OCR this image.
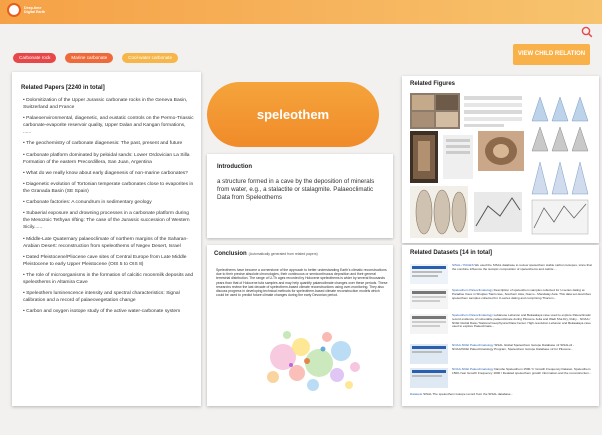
Deep-time Digital Earth
Carbonate rock	Marine carbonate	Cool-water carbonate
VIEW CHILD RELATION
Related Papers [2240 in total]
• Dolomitization of the Upper Jurassic carbonate rocks in the Geneva Basin, Switzerland and France
• Palaeoenvironmental, diagenetic, and eustatic controls on the Permo-Triassic carbonate-evaporite reservoir quality, Upper Dalan and Kangan formations, ......
• The geochemistry of carbonate diagenesis: The past, present and future
• Carbonate platform dominated by peloidal sands: Lower Ordovician La Silla Formation of the eastern Precordillera, San Juan, Argentina
• What do we really know about early diagenesis of non-marine carbonates?
• Diagenetic evolution of Tortonian temperate carbonates close to evaporites in the Granada Basin (SE Spain)
• Carbonate factories: A conundrum in sedimentary geology
• Subaerial exposure and drowning processes in a carbonate platform during the Mesozoic Tethyan rifting: The case of the Jurassic succession of Western Sicily......
• Middle-Late Quaternary palaeoclimate of northern margins of the Saharan-Arabian Desert: reconstruction from speleothems of Negev Desert, Israel
• Dated Pleistocene/Pliocene cave sites of Central Europe from Late Middle Pleistocene to early Upper Pleistocene (OIS 5 to OIS 8)
• The role of microorganisms in the formation of calcitic moonmilk deposits and speleothems in Altamira Cave
• Speleothem luminescence intensity and spectral characteristics: Signal calibration and a record of palaeovegetation change
• Carbon and oxygen isotope study of the active water-carbonate system
speleothem
Introduction
a structure formed in a cave by the deposition of minerals from water, e.g., a stalactite or stalagmite. Palaeoclimatic Data from Speleothems
Conclusion (Automatically generated from related papers)
Speleothems have become a cornerstone of the approach to better understanding Earth's climatic reconstructions due to their precise absolute chronologies, their continuous or semicontinuous deposition and their general terrestrial distribution. The range of U-Th ages recorded by Holocene speleothems is wider by several thousands years than that of Holocene tufa samples and may help quantify palaeoclimate changes over these periods. These researchs review the last decade of speleothem-based climate reconstructions using over-monitoring. They also discuss progress in developing technical methods for speleothem-based climate reconstruction models which could be used to predict future climate changes during the early Devonian period.
Related Figures
Related Datasets [14 in total]
SISAL / PAGES We used the SISAL database to review speleothem stable carbon isotopes, since that the combine influence the isotopic composition of speleothems and calcite ...
Speleothem Paleoclimatology Description of speleothem samples collected for U-series dating at Paradise Cave in Shuijiao Tianli cave, Southern Asia, Nuevo - Mandalay Asia. This data set describes speleothem samples collected for U-series dating and comprising Thorium...
Speleothem Paleoclimatology Lebanese Lebanon and Bekaakaya cave used to explore Paleoclimatic record evidence of vulnerable palaeoclimate during Pliocene Jeita and Wadi Sha Dry, Ruby... NOAA / NCEI Global Data / National Geophysical Data Center. High-resolution Lebanon and Bekaakaya cave used to explore Paleoclimate...
NOAA-NCEI Paleoclimatology SISAL Global Speleothem Isotope Database v2 SISALv2 - NOAA/NCEI Paleoclimatology Program, Speleothem Isotope Database v2 for Pliocene...
NOAA-NCEI Paleoclimatology Danube Speleothem 1500-Yr Growth Frequency Dataset. Speleothem 1500-Year Growth Frequency 1900 / Detailed speleothem growth information and the reconstruction...
Datasets SISAL The speleothem isotope record from the SISAL database...
